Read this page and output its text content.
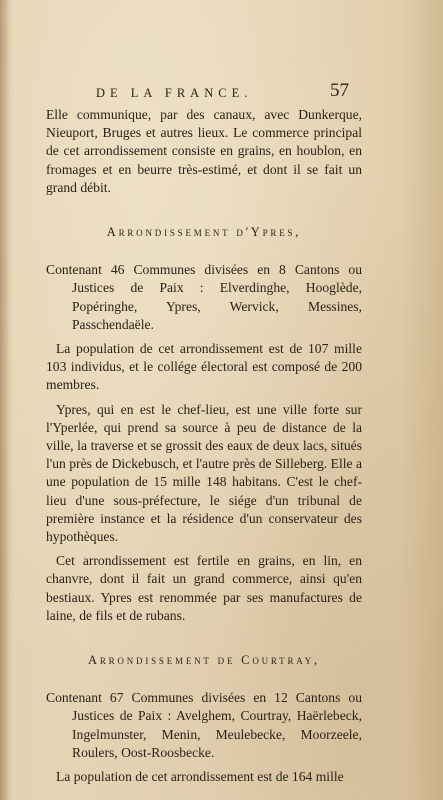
DE LA FRANCE.	57

Elle communique, par des canaux, avec Dunkerque, Nieuport, Bruges et autres lieux. Le commerce principal de cet arrondissement consiste en grains, en houblon, en fromages et en beurre très-estimé, et dont il se fait un grand débit.

Arrondissement d'Ypres,

Contenant 46 Communes divisées en 8 Cantons ou Justices de Paix : Elverdinghe, Hooglède, Popéringhe, Ypres, Wervick, Messines, Passchendaële.

La population de cet arrondissement est de 107 mille 103 individus, et le collége électoral est composé de 200 membres.

Ypres, qui en est le chef-lieu, est une ville forte sur l'Yperlée, qui prend sa source à peu de distance de la ville, la traverse et se grossit des eaux de deux lacs, situés l'un près de Dickebusch, et l'autre près de Silleberg. Elle a une population de 15 mille 148 habitans. C'est le chef-lieu d'une sous-préfecture, le siége d'un tribunal de première instance et la résidence d'un conservateur des hypothèques.

Cet arrondissement est fertile en grains, en lin, en chanvre, dont il fait un grand commerce, ainsi qu'en bestiaux. Ypres est renommée par ses manufactures de laine, de fils et de rubans.

Arrondissement de Courtray,

Contenant 67 Communes divisées en 12 Cantons ou Justices de Paix : Avelghem, Courtray, Haërlebeck, Ingelmunster, Menin, Meulebecke, Moorzeele, Roulers, Oost-Roosbecke.

La population de cet arrondissement est de 164 mille
